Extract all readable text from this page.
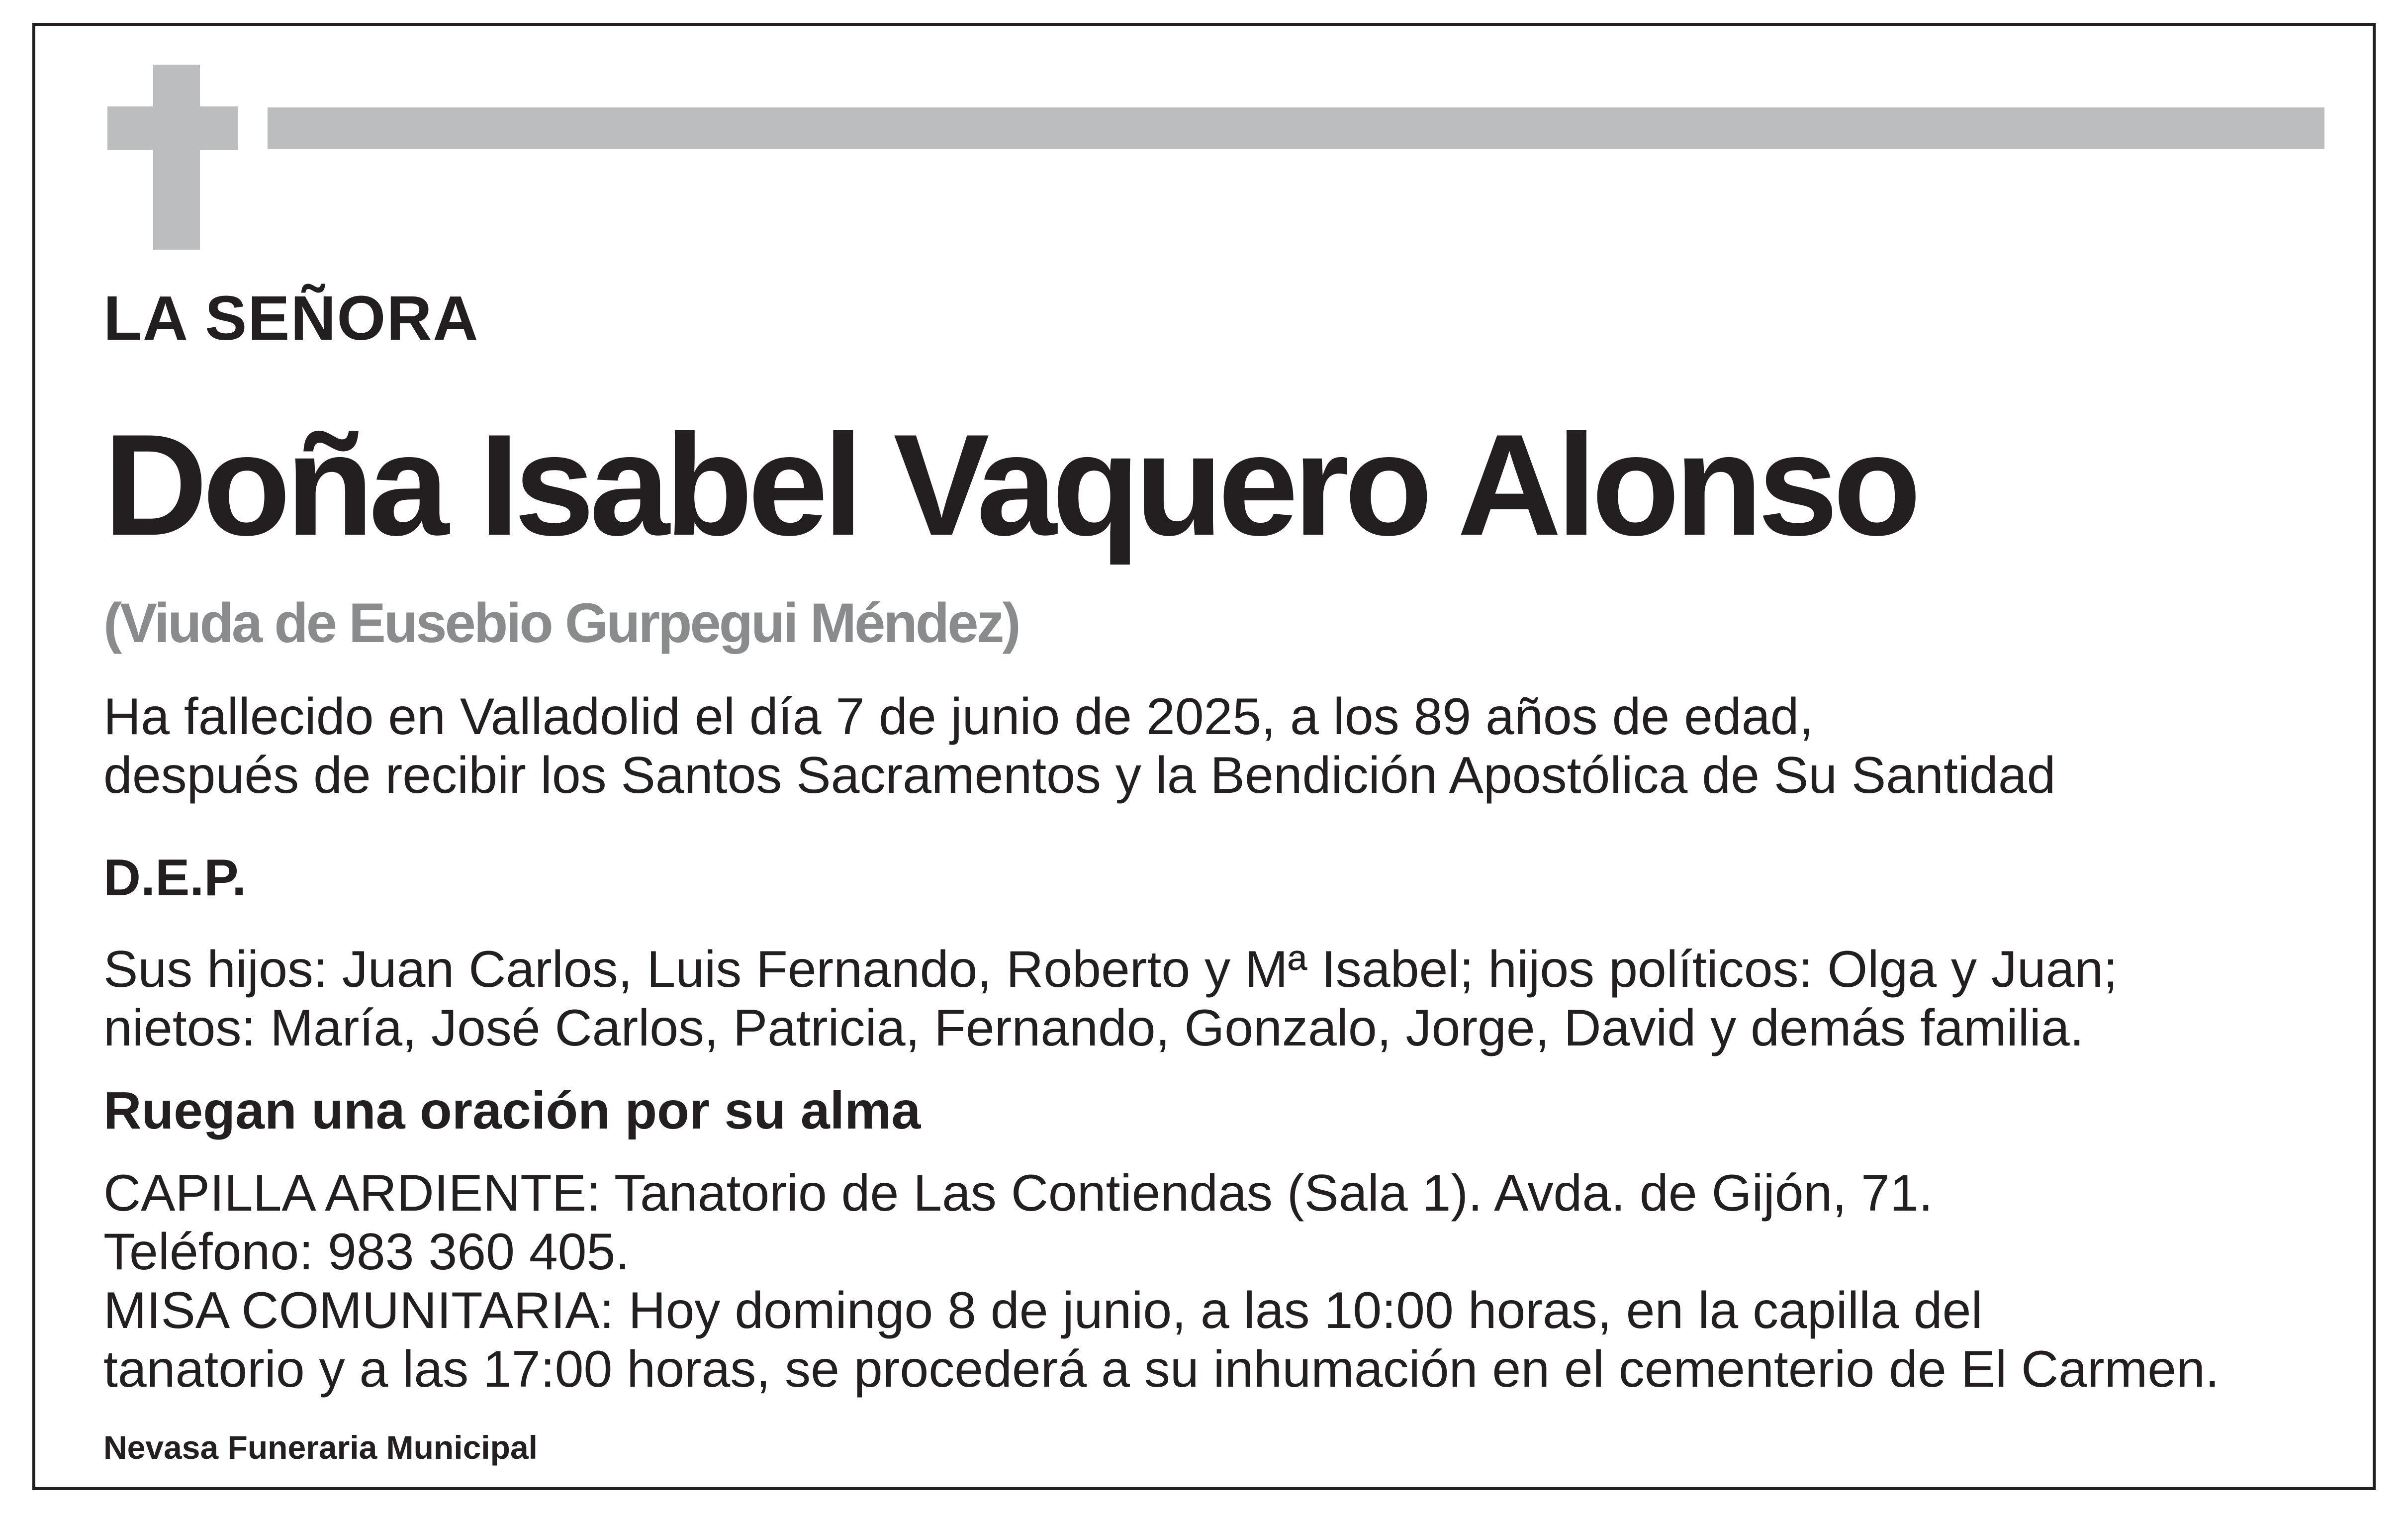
LA SEÑORA

Doña Isabel Vaquero Alonso

(Viuda de Eusebio Gurpegui Méndez)

Ha fallecido en Valladolid el día 7 de junio de 2025, a los 89 años de edad,
después de recibir los Santos Sacramentos y la Bendición Apostólica de Su Santidad

D.E.P.

Sus hijos: Juan Carlos, Luis Fernando, Roberto y Mª Isabel; hijos políticos: Olga y Juan;
nietos: María, José Carlos, Patricia, Fernando, Gonzalo, Jorge, David y demás familia.

Ruegan una oración por su alma

CAPILLA ARDIENTE: Tanatorio de Las Contiendas (Sala 1). Avda. de Gijón, 71.
Teléfono: 983 360 405.
MISA COMUNITARIA: Hoy domingo 8 de junio, a las 10:00 horas, en la capilla del
tanatorio y a las 17:00 horas, se procederá a su inhumación en el cementerio de El Carmen.

Nevasa Funeraria Municipal
